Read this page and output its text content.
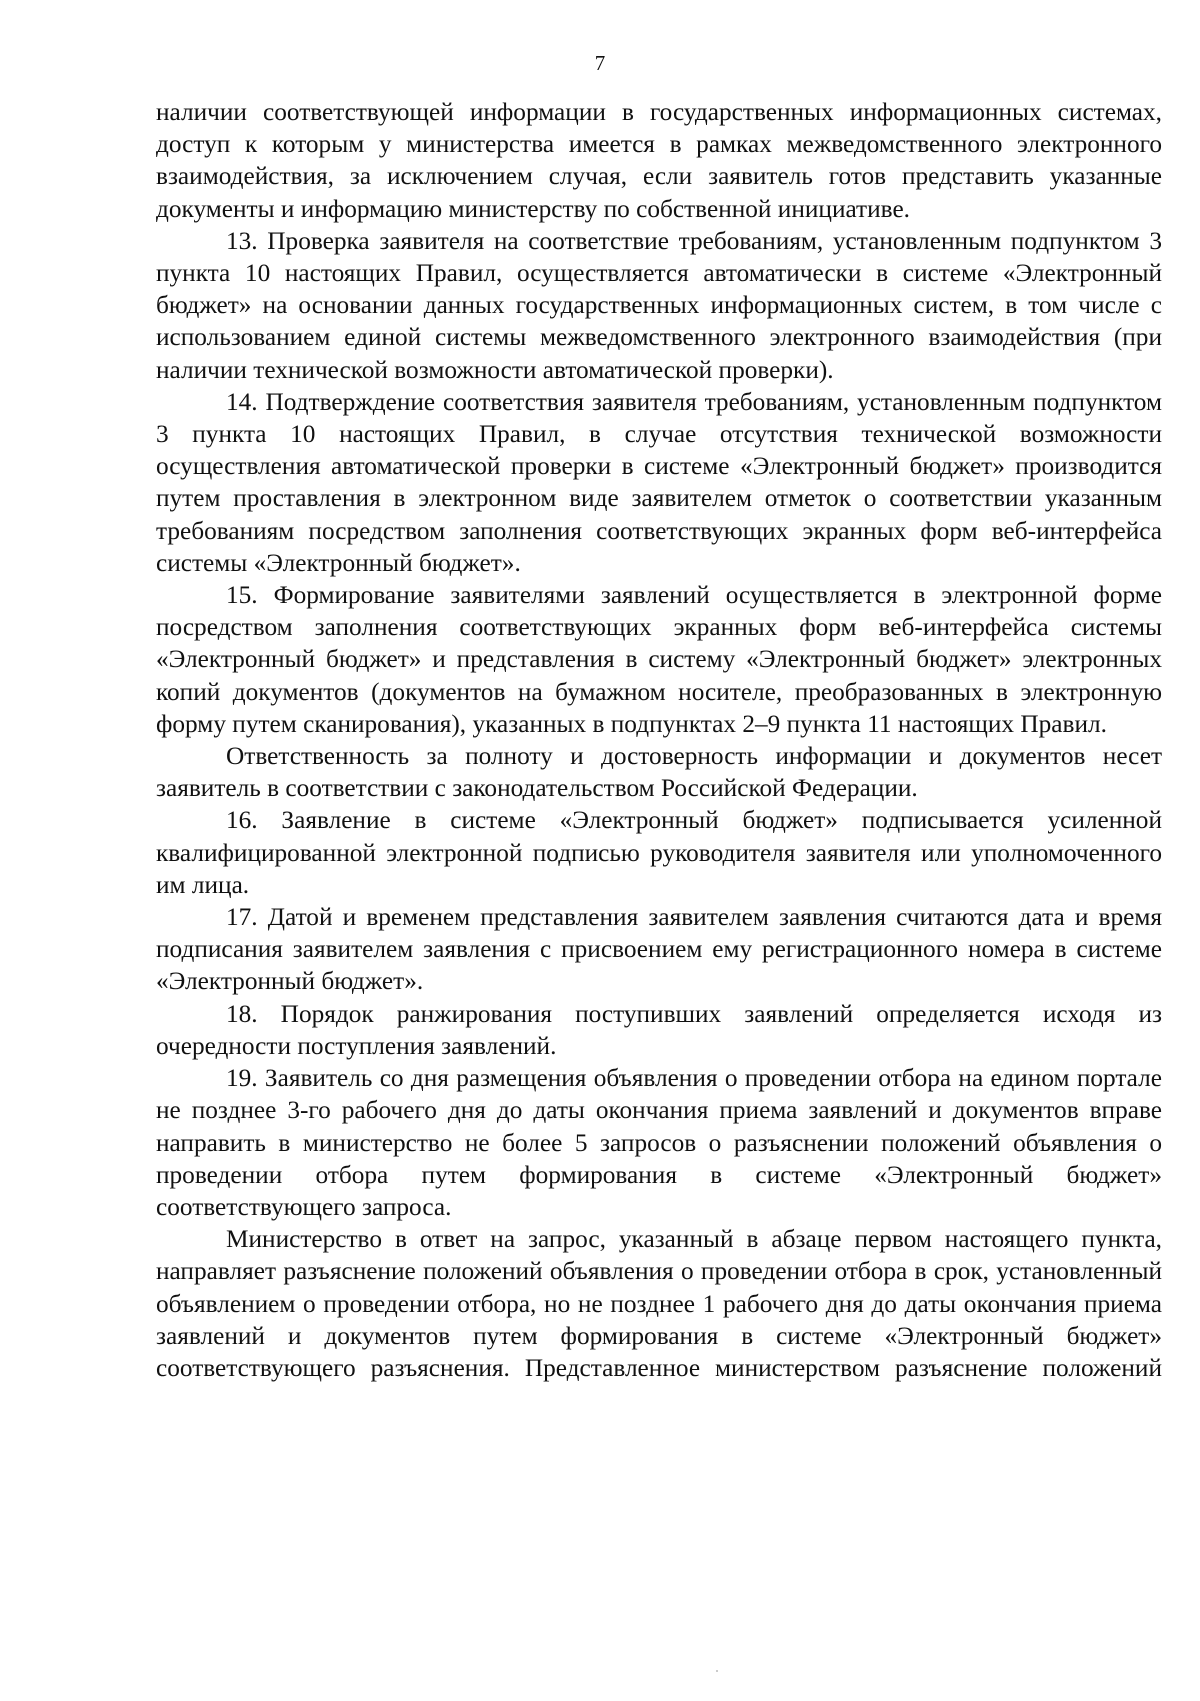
7

наличии соответствующей информации в государственных информационных системах, доступ к которым у министерства имеется в рамках межведомственного электронного взаимодействия, за исключением случая, если заявитель готов представить указанные документы и информацию министерству по собственной инициативе.

13. Проверка заявителя на соответствие требованиям, установленным подпунктом 3 пункта 10 настоящих Правил, осуществляется автоматически в системе «Электронный бюджет» на основании данных государственных информационных систем, в том числе с использованием единой системы межведомственного электронного взаимодействия (при наличии технической возможности автоматической проверки).

14. Подтверждение соответствия заявителя требованиям, установленным подпунктом 3 пункта 10 настоящих Правил, в случае отсутствия технической возможности осуществления автоматической проверки в системе «Электронный бюджет» производится путем проставления в электронном виде заявителем отметок о соответствии указанным требованиям посредством заполнения соответствующих экранных форм веб-интерфейса системы «Электронный бюджет».

15. Формирование заявителями заявлений осуществляется в электронной форме посредством заполнения соответствующих экранных форм веб-интерфейса системы «Электронный бюджет» и представления в систему «Электронный бюджет» электронных копий документов (документов на бумажном носителе, преобразованных в электронную форму путем сканирования), указанных в подпунктах 2–9 пункта 11 настоящих Правил.

Ответственность за полноту и достоверность информации и документов несет заявитель в соответствии с законодательством Российской Федерации.

16. Заявление в системе «Электронный бюджет» подписывается усиленной квалифицированной электронной подписью руководителя заявителя или уполномоченного им лица.

17. Датой и временем представления заявителем заявления считаются дата и время подписания заявителем заявления с присвоением ему регистрационного номера в системе «Электронный бюджет».

18. Порядок ранжирования поступивших заявлений определяется исходя из очередности поступления заявлений.

19. Заявитель со дня размещения объявления о проведении отбора на едином портале не позднее 3-го рабочего дня до даты окончания приема заявлений и документов вправе направить в министерство не более 5 запросов о разъяснении положений объявления о проведении отбора путем формирования в системе «Электронный бюджет» соответствующего запроса.

Министерство в ответ на запрос, указанный в абзаце первом настоящего пункта, направляет разъяснение положений объявления о проведении отбора в срок, установленный объявлением о проведении отбора, но не позднее 1 рабочего дня до даты окончания приема заявлений и документов путем формирования в системе «Электронный бюджет» соответствующего разъяснения. Представленное министерством разъяснение положений
